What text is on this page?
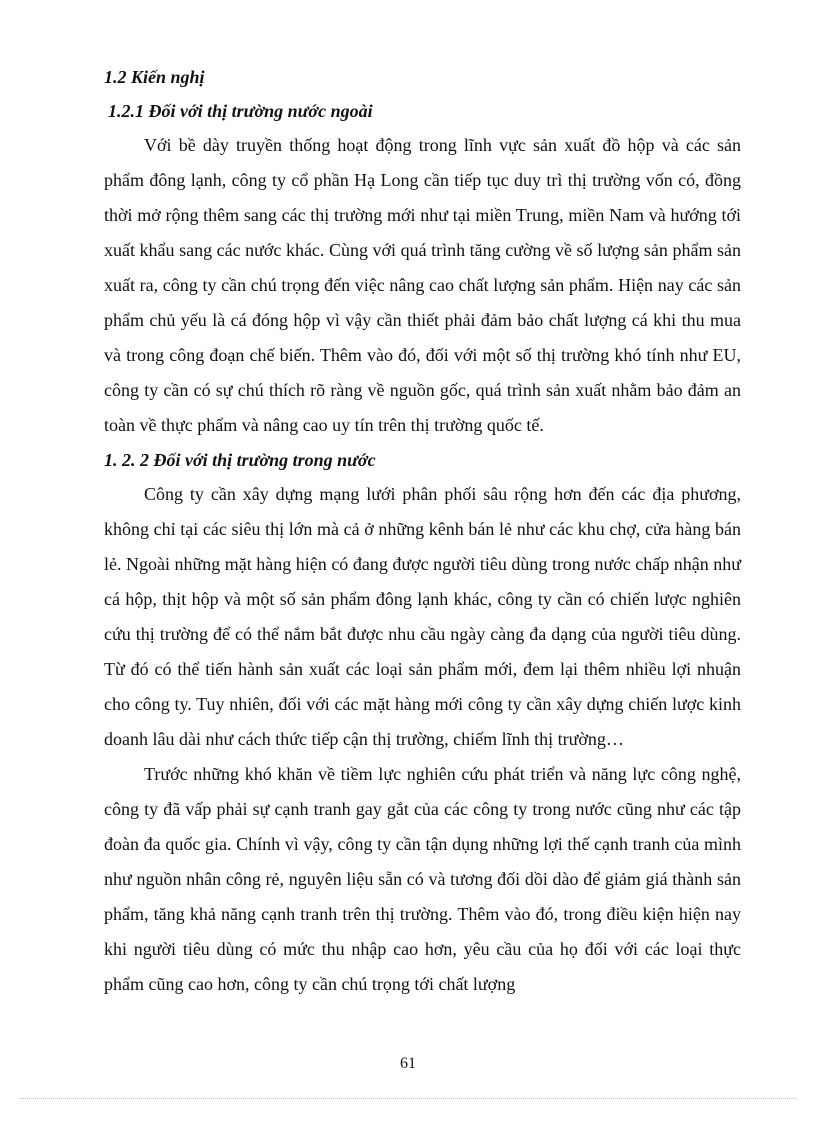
1.2 Kiến nghị

1.2.1 Đối với thị trường nước ngoài

Với bề dày truyền thống hoạt động trong lĩnh vực sản xuất đồ hộp và các sản phẩm đông lạnh, công ty cổ phần Hạ Long cần tiếp tục duy trì thị trường vốn có, đồng thời mở rộng thêm sang các thị trường mới như tại miền Trung, miền Nam và hướng tới xuất khẩu sang các nước khác. Cùng với quá trình tăng cường về số lượng sản phẩm sản xuất ra, công ty cần chú trọng đến việc nâng cao chất lượng sản phẩm. Hiện nay các sản phẩm chủ yếu là cá đóng hộp vì vậy cần thiết phải đảm bảo chất lượng cá khi thu mua và trong công đoạn chế biến. Thêm vào đó, đối với một số thị trường khó tính như EU, công ty cần có sự chú thích rõ ràng về nguồn gốc, quá trình sản xuất nhằm bảo đảm an toàn về thực phẩm và nâng cao uy tín trên thị trường quốc tế.

1. 2. 2 Đối với thị trường trong nước

Công ty cần xây dựng mạng lưới phân phối sâu rộng hơn đến các địa phương, không chỉ tại các siêu thị lớn mà cả ở những kênh bán lẻ như các khu chợ, cửa hàng bán lẻ. Ngoài những mặt hàng hiện có đang được người tiêu dùng trong nước chấp nhận như cá hộp, thịt hộp và một số sản phẩm đông lạnh khác, công ty cần có chiến lược nghiên cứu thị trường để có thể nắm bắt được nhu cầu ngày càng đa dạng của người tiêu dùng. Từ đó có thể tiến hành sản xuất các loại sản phẩm mới, đem lại thêm nhiều lợi nhuận cho công ty. Tuy nhiên, đối với các mặt hàng mới công ty cần xây dựng chiến lược kinh doanh lâu dài như cách thức tiếp cận thị trường, chiếm lĩnh thị trường…

Trước những khó khăn về tiềm lực nghiên cứu phát triển và năng lực công nghệ, công ty đã vấp phải sự cạnh tranh gay gắt của các công ty trong nước cũng như các tập đoàn đa quốc gia. Chính vì vậy, công ty cần tận dụng những lợi thế cạnh tranh của mình như nguồn nhân công rẻ, nguyên liệu sẵn có và tương đối dồi dào để giảm giá thành sản phẩm, tăng khả năng cạnh tranh trên thị trường. Thêm vào đó, trong điều kiện hiện nay khi người tiêu dùng có mức thu nhập cao hơn, yêu cầu của họ đối với các loại thực phẩm cũng cao hơn, công ty cần chú trọng tới chất lượng

61
